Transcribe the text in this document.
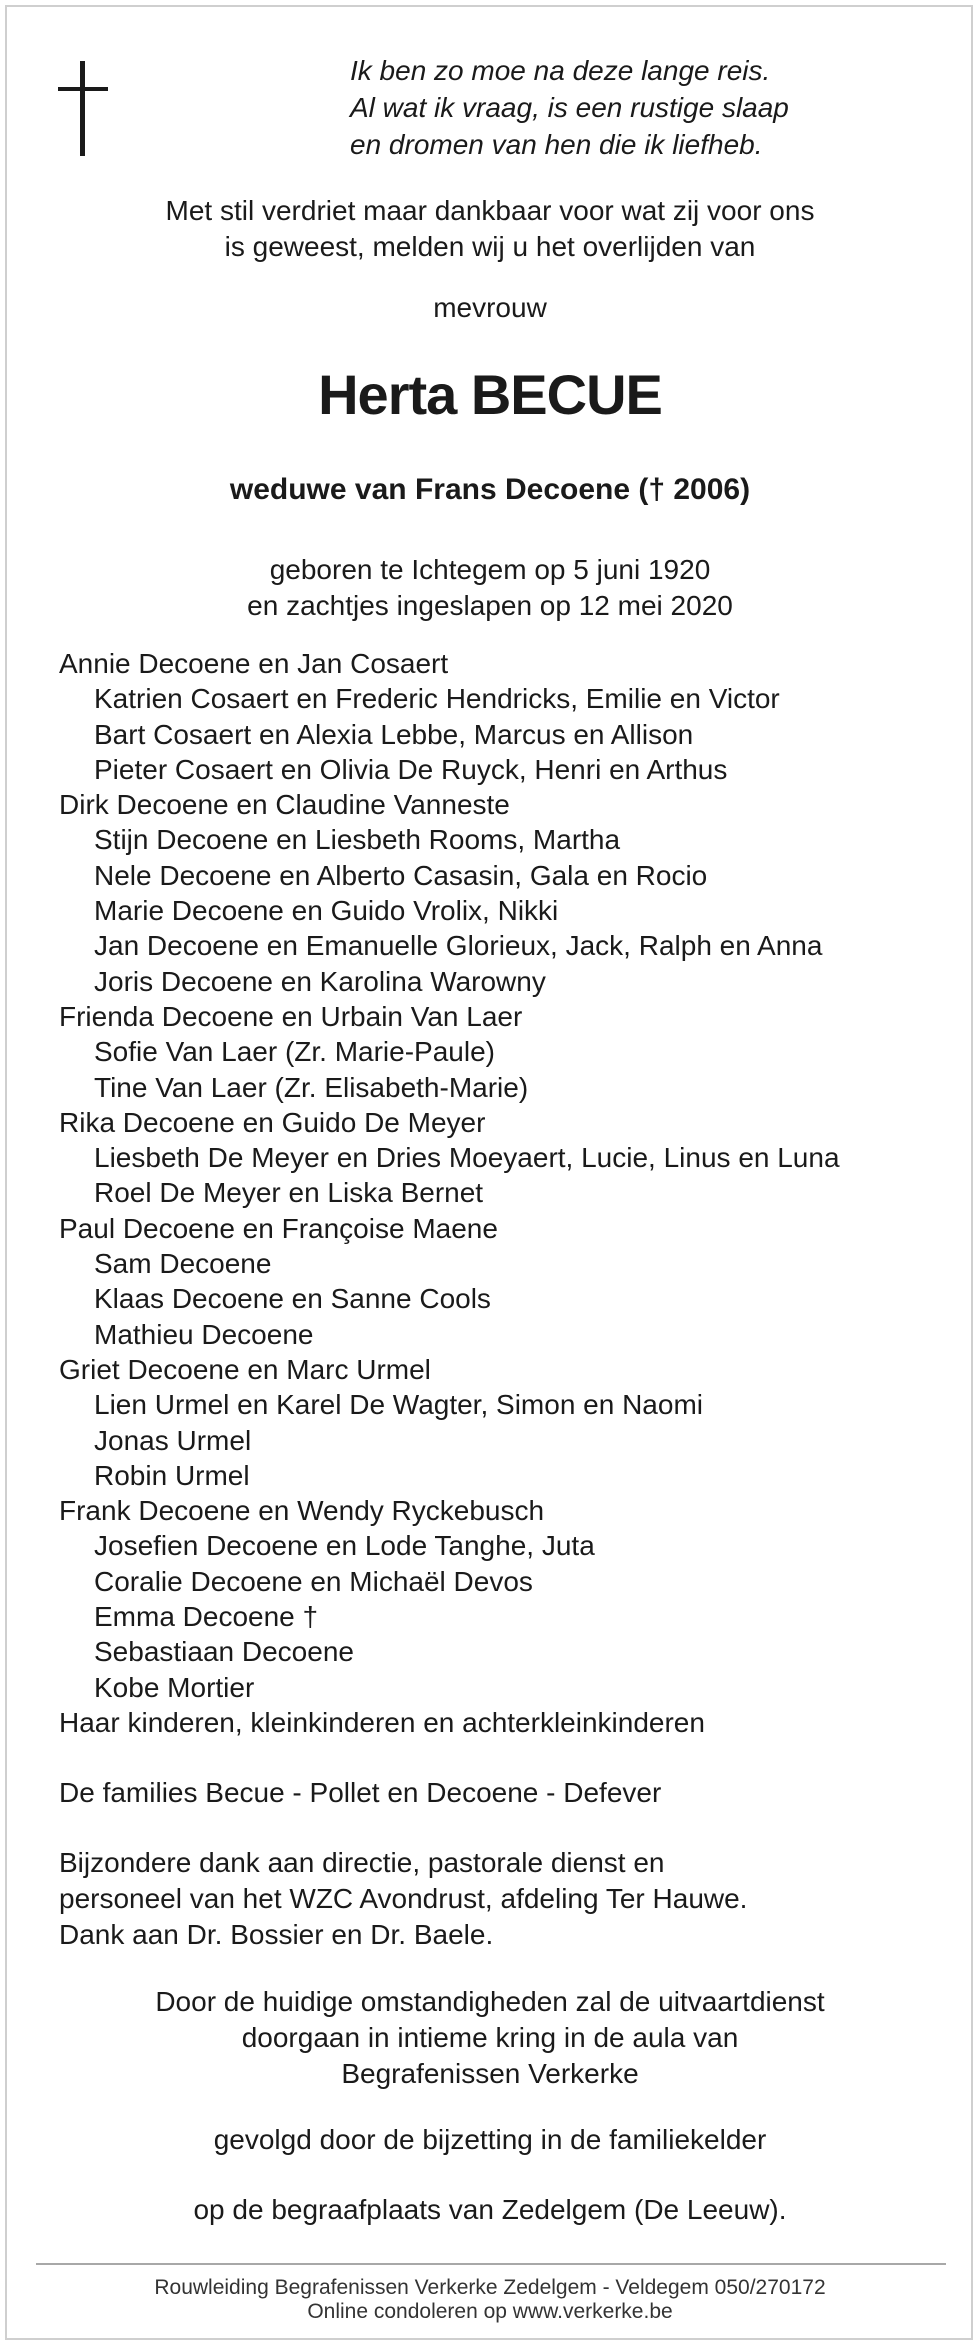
Ik ben zo moe na deze lange reis.
Al wat ik vraag, is een rustige slaap
en dromen van hen die ik liefheb.
Met stil verdriet maar dankbaar voor wat zij voor ons
is geweest, melden wij u het overlijden van
mevrouw
Herta BECUE
weduwe van Frans Decoene († 2006)
geboren te Ichtegem op 5 juni 1920
en zachtjes ingeslapen op 12 mei 2020
Annie Decoene en Jan Cosaert
Katrien Cosaert en Frederic Hendricks, Emilie en Victor
Bart Cosaert en Alexia Lebbe, Marcus en Allison
Pieter Cosaert en Olivia De Ruyck, Henri en Arthus
Dirk Decoene en Claudine Vanneste
Stijn Decoene en Liesbeth Rooms, Martha
Nele Decoene en Alberto Casasin, Gala en Rocio
Marie Decoene en Guido Vrolix, Nikki
Jan Decoene en Emanuelle Glorieux, Jack, Ralph en Anna
Joris Decoene en Karolina Warowny
Frienda Decoene en Urbain Van Laer
Sofie Van Laer (Zr. Marie-Paule)
Tine Van Laer (Zr. Elisabeth-Marie)
Rika Decoene en Guido De Meyer
Liesbeth De Meyer en Dries Moeyaert, Lucie, Linus en Luna
Roel De Meyer en Liska Bernet
Paul Decoene en Françoise Maene
Sam Decoene
Klaas Decoene en Sanne Cools
Mathieu Decoene
Griet Decoene en Marc Urmel
Lien Urmel en Karel De Wagter, Simon en Naomi
Jonas Urmel
Robin Urmel
Frank Decoene en Wendy Ryckebusch
Josefien Decoene en Lode Tanghe, Juta
Coralie Decoene en Michaël Devos
Emma Decoene †
Sebastiaan Decoene
Kobe Mortier
Haar kinderen, kleinkinderen en achterkleinkinderen
De families Becue - Pollet en Decoene - Defever
Bijzondere dank aan directie, pastorale dienst en
personeel van het WZC Avondrust, afdeling Ter Hauwe.
Dank aan Dr. Bossier en Dr. Baele.
Door de huidige omstandigheden zal de uitvaartdienst
doorgaan in intieme kring in de aula van
Begrafenissen Verkerke
gevolgd door de bijzetting in de familiekelder
op de begraafplaats van Zedelgem (De Leeuw).
Rouwleiding Begrafenissen Verkerke Zedelgem - Veldegem 050/270172
Online condoleren op www.verkerke.be
